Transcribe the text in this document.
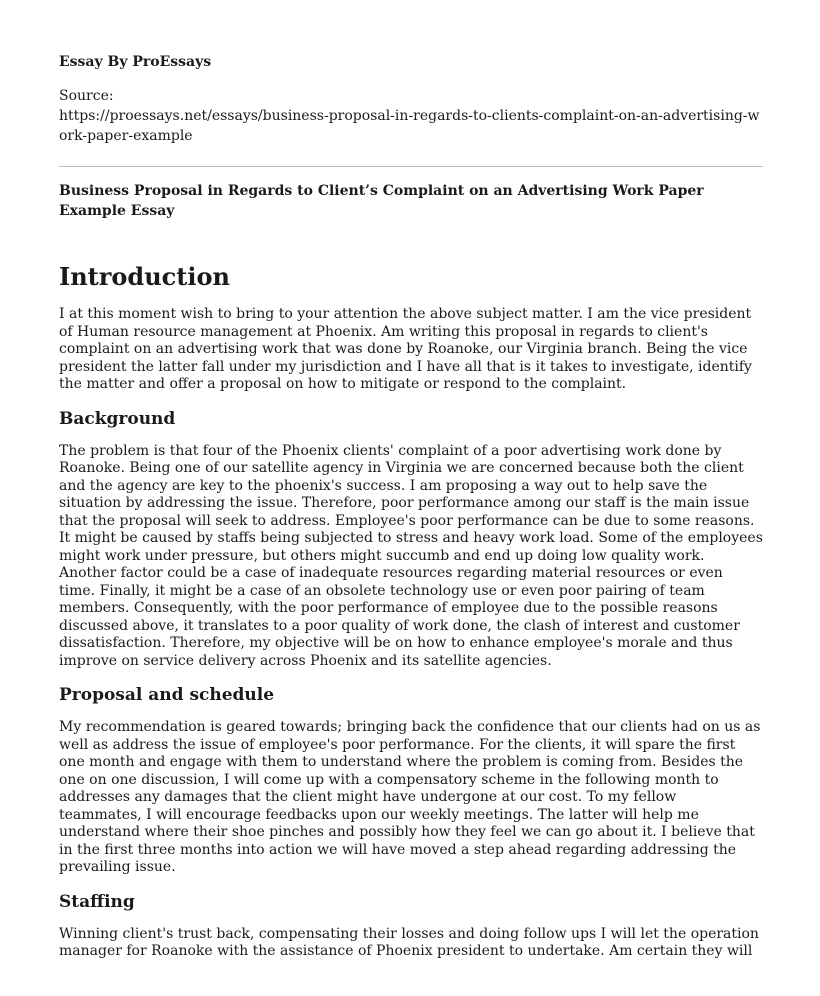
Essay By ProEssays

Source:

https://proessays.net/essays/business-proposal-in-regards-to-clients-complaint-on-an-advertising-work-paper-example

Business Proposal in Regards to Client’s Complaint on an Advertising Work Paper Example Essay

Introduction

I at this moment wish to bring to your attention the above subject matter. I am the vice president of Human resource management at Phoenix. Am writing this proposal in regards to client's complaint on an advertising work that was done by Roanoke, our Virginia branch. Being the vice president the latter fall under my jurisdiction and I have all that is it takes to investigate, identify the matter and offer a proposal on how to mitigate or respond to the complaint.

Background

The problem is that four of the Phoenix clients' complaint of a poor advertising work done by Roanoke. Being one of our satellite agency in Virginia we are concerned because both the client and the agency are key to the phoenix's success. I am proposing a way out to help save the situation by addressing the issue. Therefore, poor performance among our staff is the main issue that the proposal will seek to address. Employee's poor performance can be due to some reasons. It might be caused by staffs being subjected to stress and heavy work load. Some of the employees might work under pressure, but others might succumb and end up doing low quality work. Another factor could be a case of inadequate resources regarding material resources or even time. Finally, it might be a case of an obsolete technology use or even poor pairing of team members. Consequently, with the poor performance of employee due to the possible reasons discussed above, it translates to a poor quality of work done, the clash of interest and customer dissatisfaction. Therefore, my objective will be on how to enhance employee's morale and thus improve on service delivery across Phoenix and its satellite agencies.

Proposal and schedule

My recommendation is geared towards; bringing back the confidence that our clients had on us as well as address the issue of employee's poor performance. For the clients, it will spare the first one month and engage with them to understand where the problem is coming from. Besides the one on one discussion, I will come up with a compensatory scheme in the following month to addresses any damages that the client might have undergone at our cost. To my fellow teammates, I will encourage feedbacks upon our weekly meetings. The latter will help me understand where their shoe pinches and possibly how they feel we can go about it. I believe that in the first three months into action we will have moved a step ahead regarding addressing the prevailing issue.

Staffing

Winning client's trust back, compensating their losses and doing follow ups I will let the operation manager for Roanoke with the assistance of Phoenix president to undertake. Am certain they will
